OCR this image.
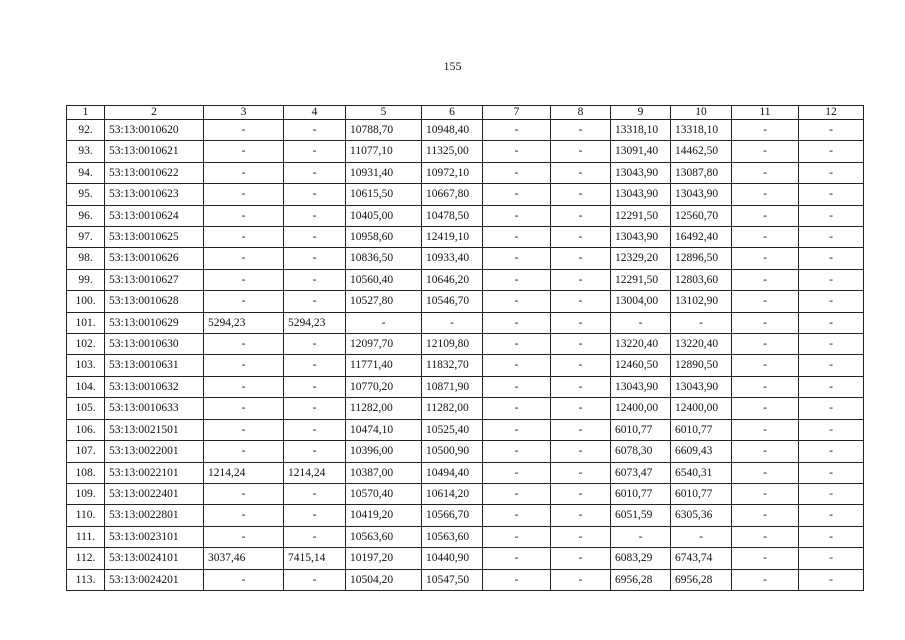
155
1	2	3	4	5	6	7	8	9	10	11	12
92.	53:13:0010620	-	-	10788,70	10948,40	-	-	13318,10	13318,10	-	-
93.	53:13:0010621	-	-	11077,10	11325,00	-	-	13091,40	14462,50	-	-
94.	53:13:0010622	-	-	10931,40	10972,10	-	-	13043,90	13087,80	-	-
95.	53:13:0010623	-	-	10615,50	10667,80	-	-	13043,90	13043,90	-	-
96.	53:13:0010624	-	-	10405,00	10478,50	-	-	12291,50	12560,70	-	-
97.	53:13:0010625	-	-	10958,60	12419,10	-	-	13043,90	16492,40	-	-
98.	53:13:0010626	-	-	10836,50	10933,40	-	-	12329,20	12896,50	-	-
99.	53:13:0010627	-	-	10560,40	10646,20	-	-	12291,50	12803,60	-	-
100.	53:13:0010628	-	-	10527,80	10546,70	-	-	13004,00	13102,90	-	-
101.	53:13:0010629	5294,23	5294,23	-	-	-	-	-	-	-	-
102.	53:13:0010630	-	-	12097,70	12109,80	-	-	13220,40	13220,40	-	-
103.	53:13:0010631	-	-	11771,40	11832,70	-	-	12460,50	12890,50	-	-
104.	53:13:0010632	-	-	10770,20	10871,90	-	-	13043,90	13043,90	-	-
105.	53:13:0010633	-	-	11282,00	11282,00	-	-	12400,00	12400,00	-	-
106.	53:13:0021501	-	-	10474,10	10525,40	-	-	6010,77	6010,77	-	-
107.	53:13:0022001	-	-	10396,00	10500,90	-	-	6078,30	6609,43	-	-
108.	53:13:0022101	1214,24	1214,24	10387,00	10494,40	-	-	6073,47	6540,31	-	-
109.	53:13:0022401	-	-	10570,40	10614,20	-	-	6010,77	6010,77	-	-
110.	53:13:0022801	-	-	10419,20	10566,70	-	-	6051,59	6305,36	-	-
111.	53:13:0023101	-	-	10563,60	10563,60	-	-	-	-	-	-
112.	53:13:0024101	3037,46	7415,14	10197,20	10440,90	-	-	6083,29	6743,74	-	-
113.	53:13:0024201	-	-	10504,20	10547,50	-	-	6956,28	6956,28	-	-
